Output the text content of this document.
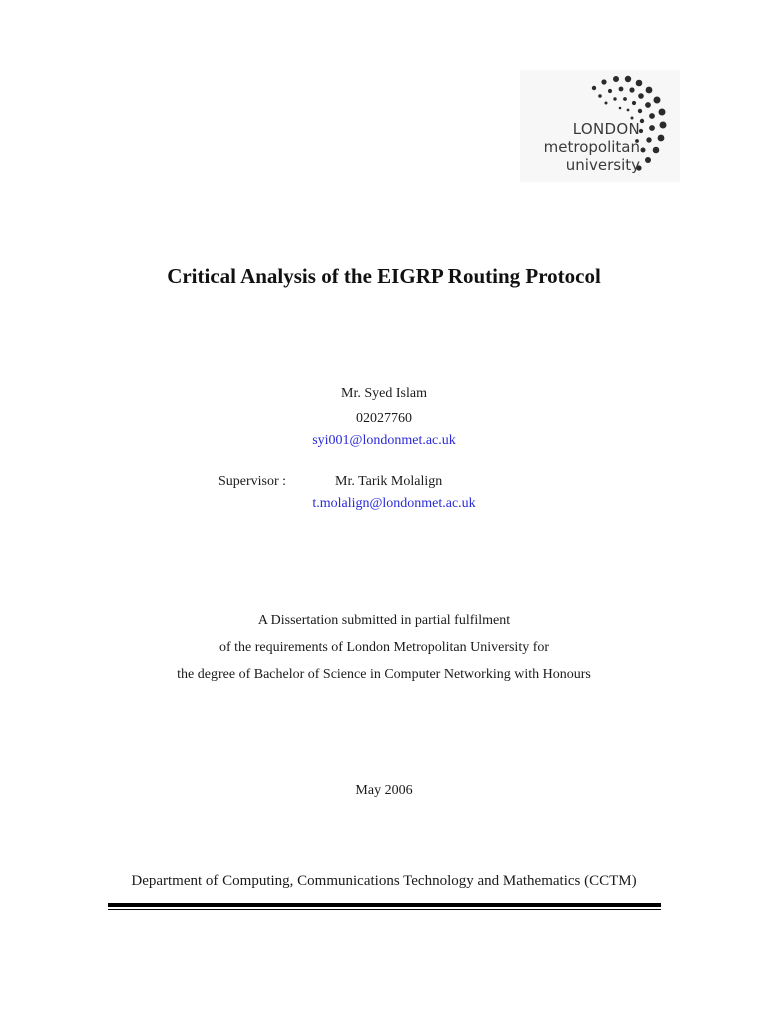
LONDON
metropolitan
university
Critical Analysis of the EIGRP Routing Protocol
Mr. Syed Islam
02027760
syi001@londonmet.ac.uk
Supervisor :	Mr. Tarik Molalign
t.molalign@londonmet.ac.uk
A Dissertation submitted in partial fulfilment
of the requirements of London Metropolitan University for
the degree of Bachelor of Science in Computer Networking with Honours
May 2006
Department of Computing, Communications Technology and Mathematics (CCTM)
